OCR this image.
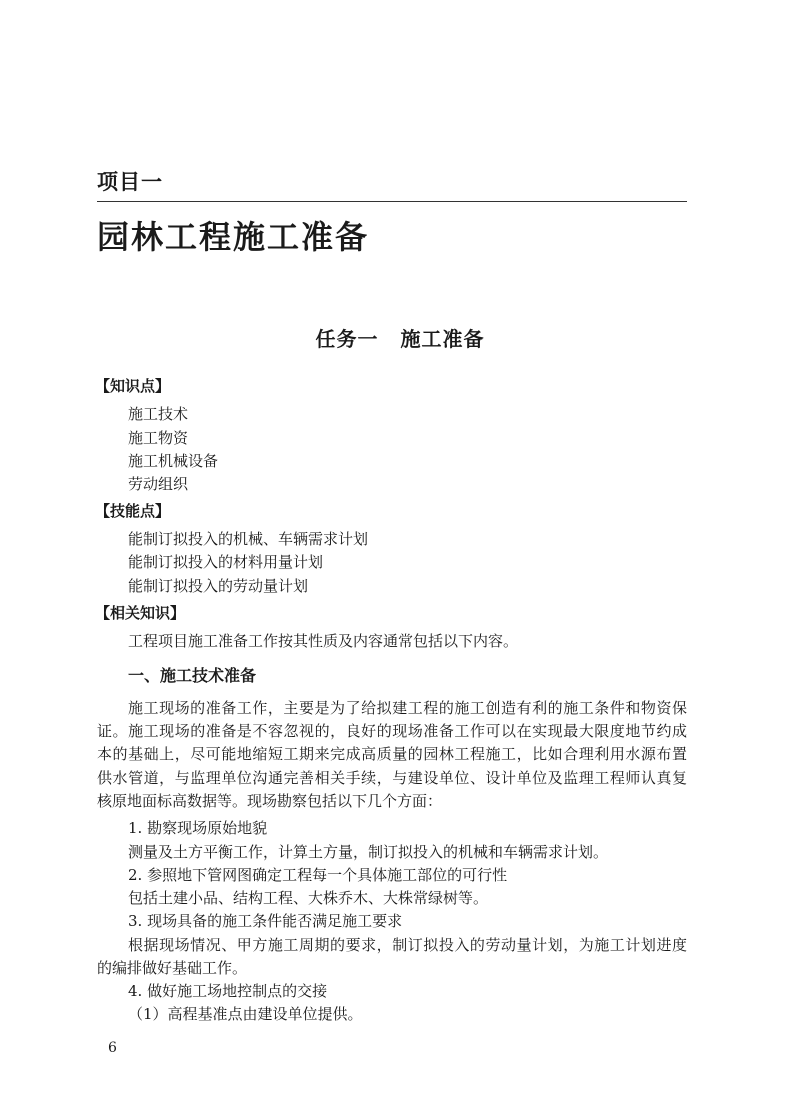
项目一
园林工程施工准备
任务一 施工准备
【知识点】
施工技术
施工物资
施工机械设备
劳动组织
【技能点】
能制订拟投入的机械、车辆需求计划
能制订拟投入的材料用量计划
能制订拟投入的劳动量计划
【相关知识】
工程项目施工准备工作按其性质及内容通常包括以下内容。
一、施工技术准备
施工现场的准备工作，主要是为了给拟建工程的施工创造有利的施工条件和物资保
证。施工现场的准备是不容忽视的，良好的现场准备工作可以在实现最大限度地节约成
本的基础上，尽可能地缩短工期来完成高质量的园林工程施工，比如合理利用水源布置
供水管道，与监理单位沟通完善相关手续，与建设单位、设计单位及监理工程师认真复
核原地面标高数据等。现场勘察包括以下几个方面：
1. 勘察现场原始地貌
测量及土方平衡工作，计算土方量，制订拟投入的机械和车辆需求计划。
2. 参照地下管网图确定工程每一个具体施工部位的可行性
包括土建小品、结构工程、大株乔木、大株常绿树等。
3. 现场具备的施工条件能否满足施工要求
根据现场情况、甲方施工周期的要求，制订拟投入的劳动量计划，为施工计划进度
的编排做好基础工作。
4. 做好施工场地控制点的交接
（1）高程基准点由建设单位提供。
6
